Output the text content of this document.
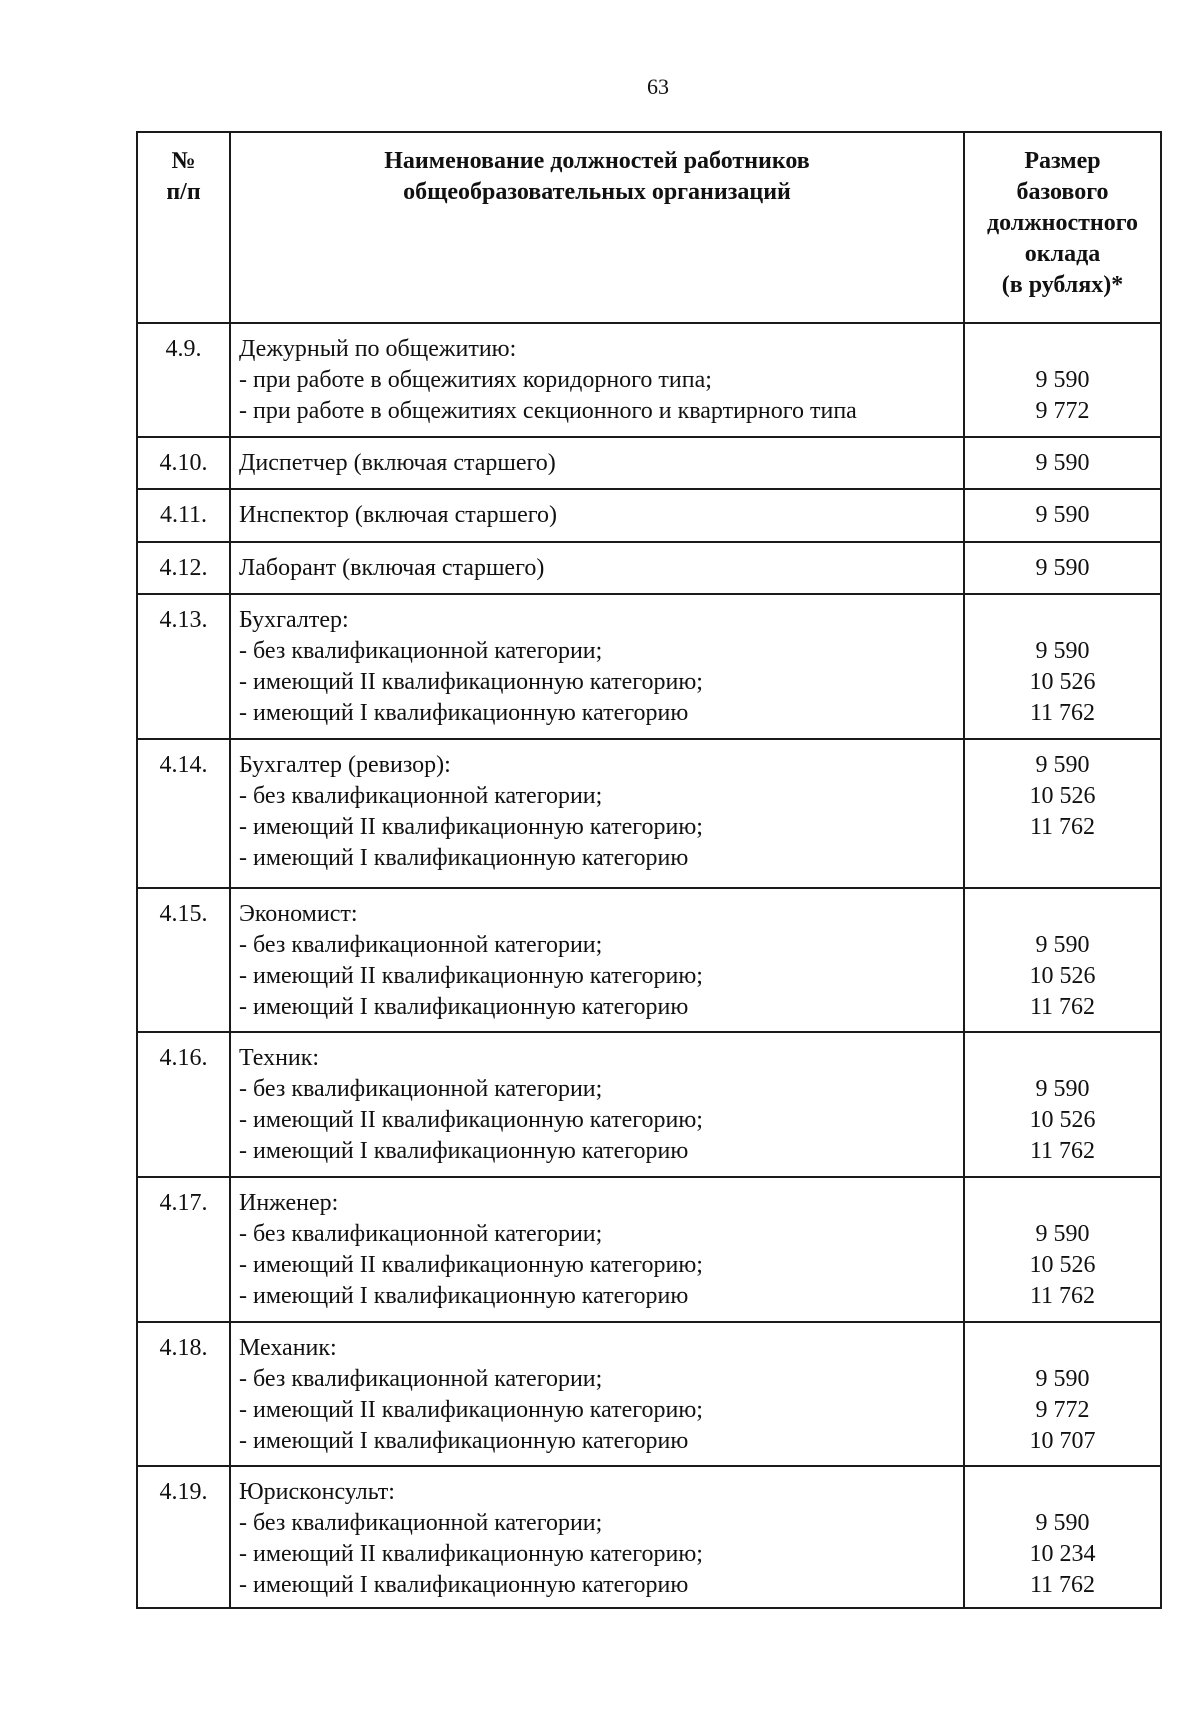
63
№
п/п	Наименование должностей работников
общеобразовательных организаций	Размер
базового
должностного
оклада
(в рублях)*

4.9.	Дежурный по общежитию:
- при работе в общежитиях коридорного типа;
- при работе в общежитиях секционного и квартирного типа	9 590
9 772

4.10.	Диспетчер (включая старшего)	9 590

4.11.	Инспектор (включая старшего)	9 590

4.12.	Лаборант (включая старшего)	9 590

4.13.	Бухгалтер:
- без квалификационной категории;
- имеющий II квалификационную категорию;
- имеющий I квалификационную категорию	9 590
10 526
11 762

4.14.	Бухгалтер (ревизор):
- без квалификационной категории;
- имеющий II квалификационную категорию;
- имеющий I квалификационную категорию	9 590
10 526
11 762

4.15.	Экономист:
- без квалификационной категории;
- имеющий II квалификационную категорию;
- имеющий I квалификационную категорию	9 590
10 526
11 762

4.16.	Техник:
- без квалификационной категории;
- имеющий II квалификационную категорию;
- имеющий I квалификационную категорию	9 590
10 526
11 762

4.17.	Инженер:
- без квалификационной категории;
- имеющий II квалификационную категорию;
- имеющий I квалификационную категорию	9 590
10 526
11 762

4.18.	Механик:
- без квалификационной категории;
- имеющий II квалификационную категорию;
- имеющий I квалификационную категорию	9 590
9 772
10 707

4.19.	Юрисконсульт:
- без квалификационной категории;
- имеющий II квалификационную категорию;
- имеющий I квалификационную категорию	9 590
10 234
11 762
